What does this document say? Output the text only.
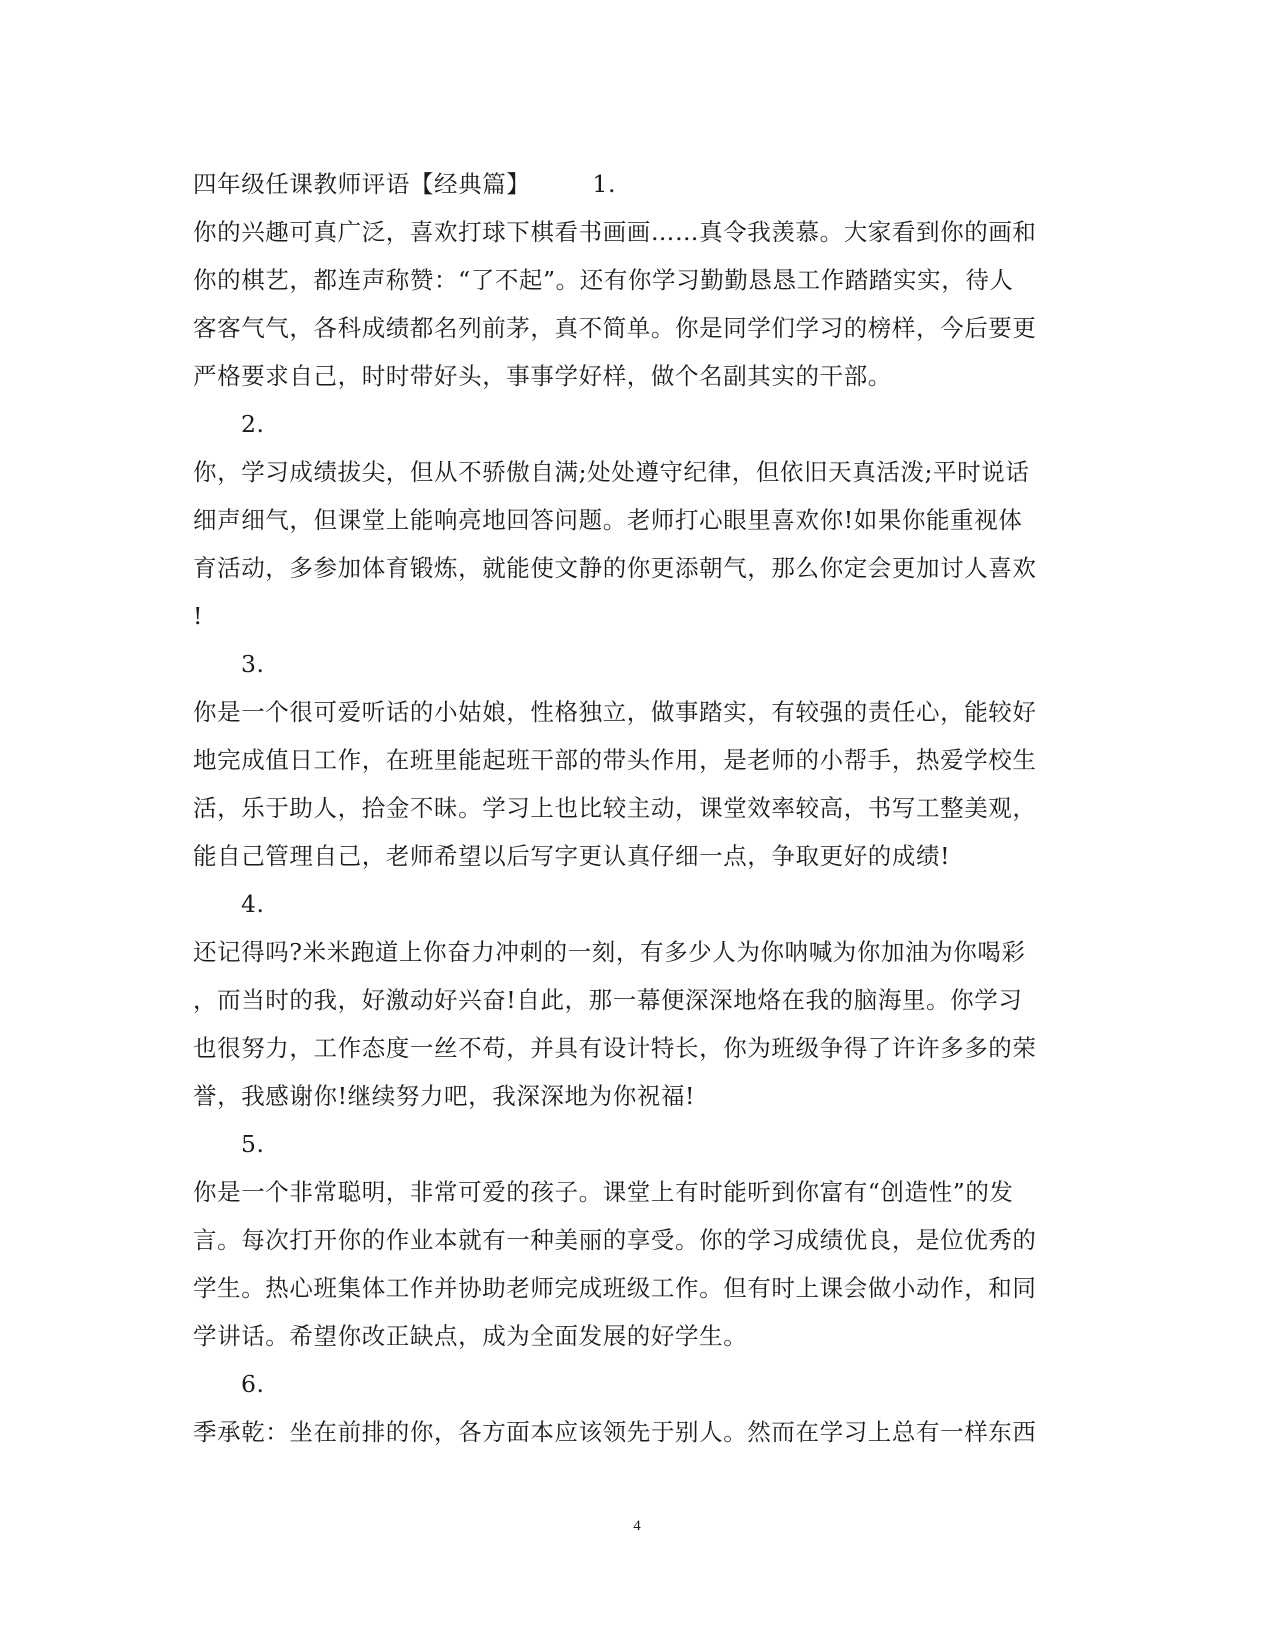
四年级任课教师评语【经典篇】	1.
你的兴趣可真广泛，喜欢打球下棋看书画画……真令我羡慕。大家看到你的画和
你的棋艺，都连声称赞：“了不起”。还有你学习勤勤恳恳工作踏踏实实，待人
客客气气，各科成绩都名列前茅，真不简单。你是同学们学习的榜样，今后要更
严格要求自己，时时带好头，事事学好样，做个名副其实的干部。
2.
你，学习成绩拔尖，但从不骄傲自满;处处遵守纪律，但依旧天真活泼;平时说话
细声细气，但课堂上能响亮地回答问题。老师打心眼里喜欢你!如果你能重视体
育活动，多参加体育锻炼，就能使文静的你更添朝气，那么你定会更加讨人喜欢
!
3.
你是一个很可爱听话的小姑娘，性格独立，做事踏实，有较强的责任心，能较好
地完成值日工作，在班里能起班干部的带头作用，是老师的小帮手，热爱学校生
活，乐于助人，拾金不昧。学习上也比较主动，课堂效率较高，书写工整美观，
能自己管理自己，老师希望以后写字更认真仔细一点，争取更好的成绩!
4.
还记得吗?米米跑道上你奋力冲刺的一刻，有多少人为你呐喊为你加油为你喝彩
，而当时的我，好激动好兴奋!自此，那一幕便深深地烙在我的脑海里。你学习
也很努力，工作态度一丝不苟，并具有设计特长，你为班级争得了许许多多的荣
誉，我感谢你!继续努力吧，我深深地为你祝福!
5.
你是一个非常聪明，非常可爱的孩子。课堂上有时能听到你富有“创造性”的发
言。每次打开你的作业本就有一种美丽的享受。你的学习成绩优良，是位优秀的
学生。热心班集体工作并协助老师完成班级工作。但有时上课会做小动作，和同
学讲话。希望你改正缺点，成为全面发展的好学生。
6.
季承乾：坐在前排的你，各方面本应该领先于别人。然而在学习上总有一样东西
4
